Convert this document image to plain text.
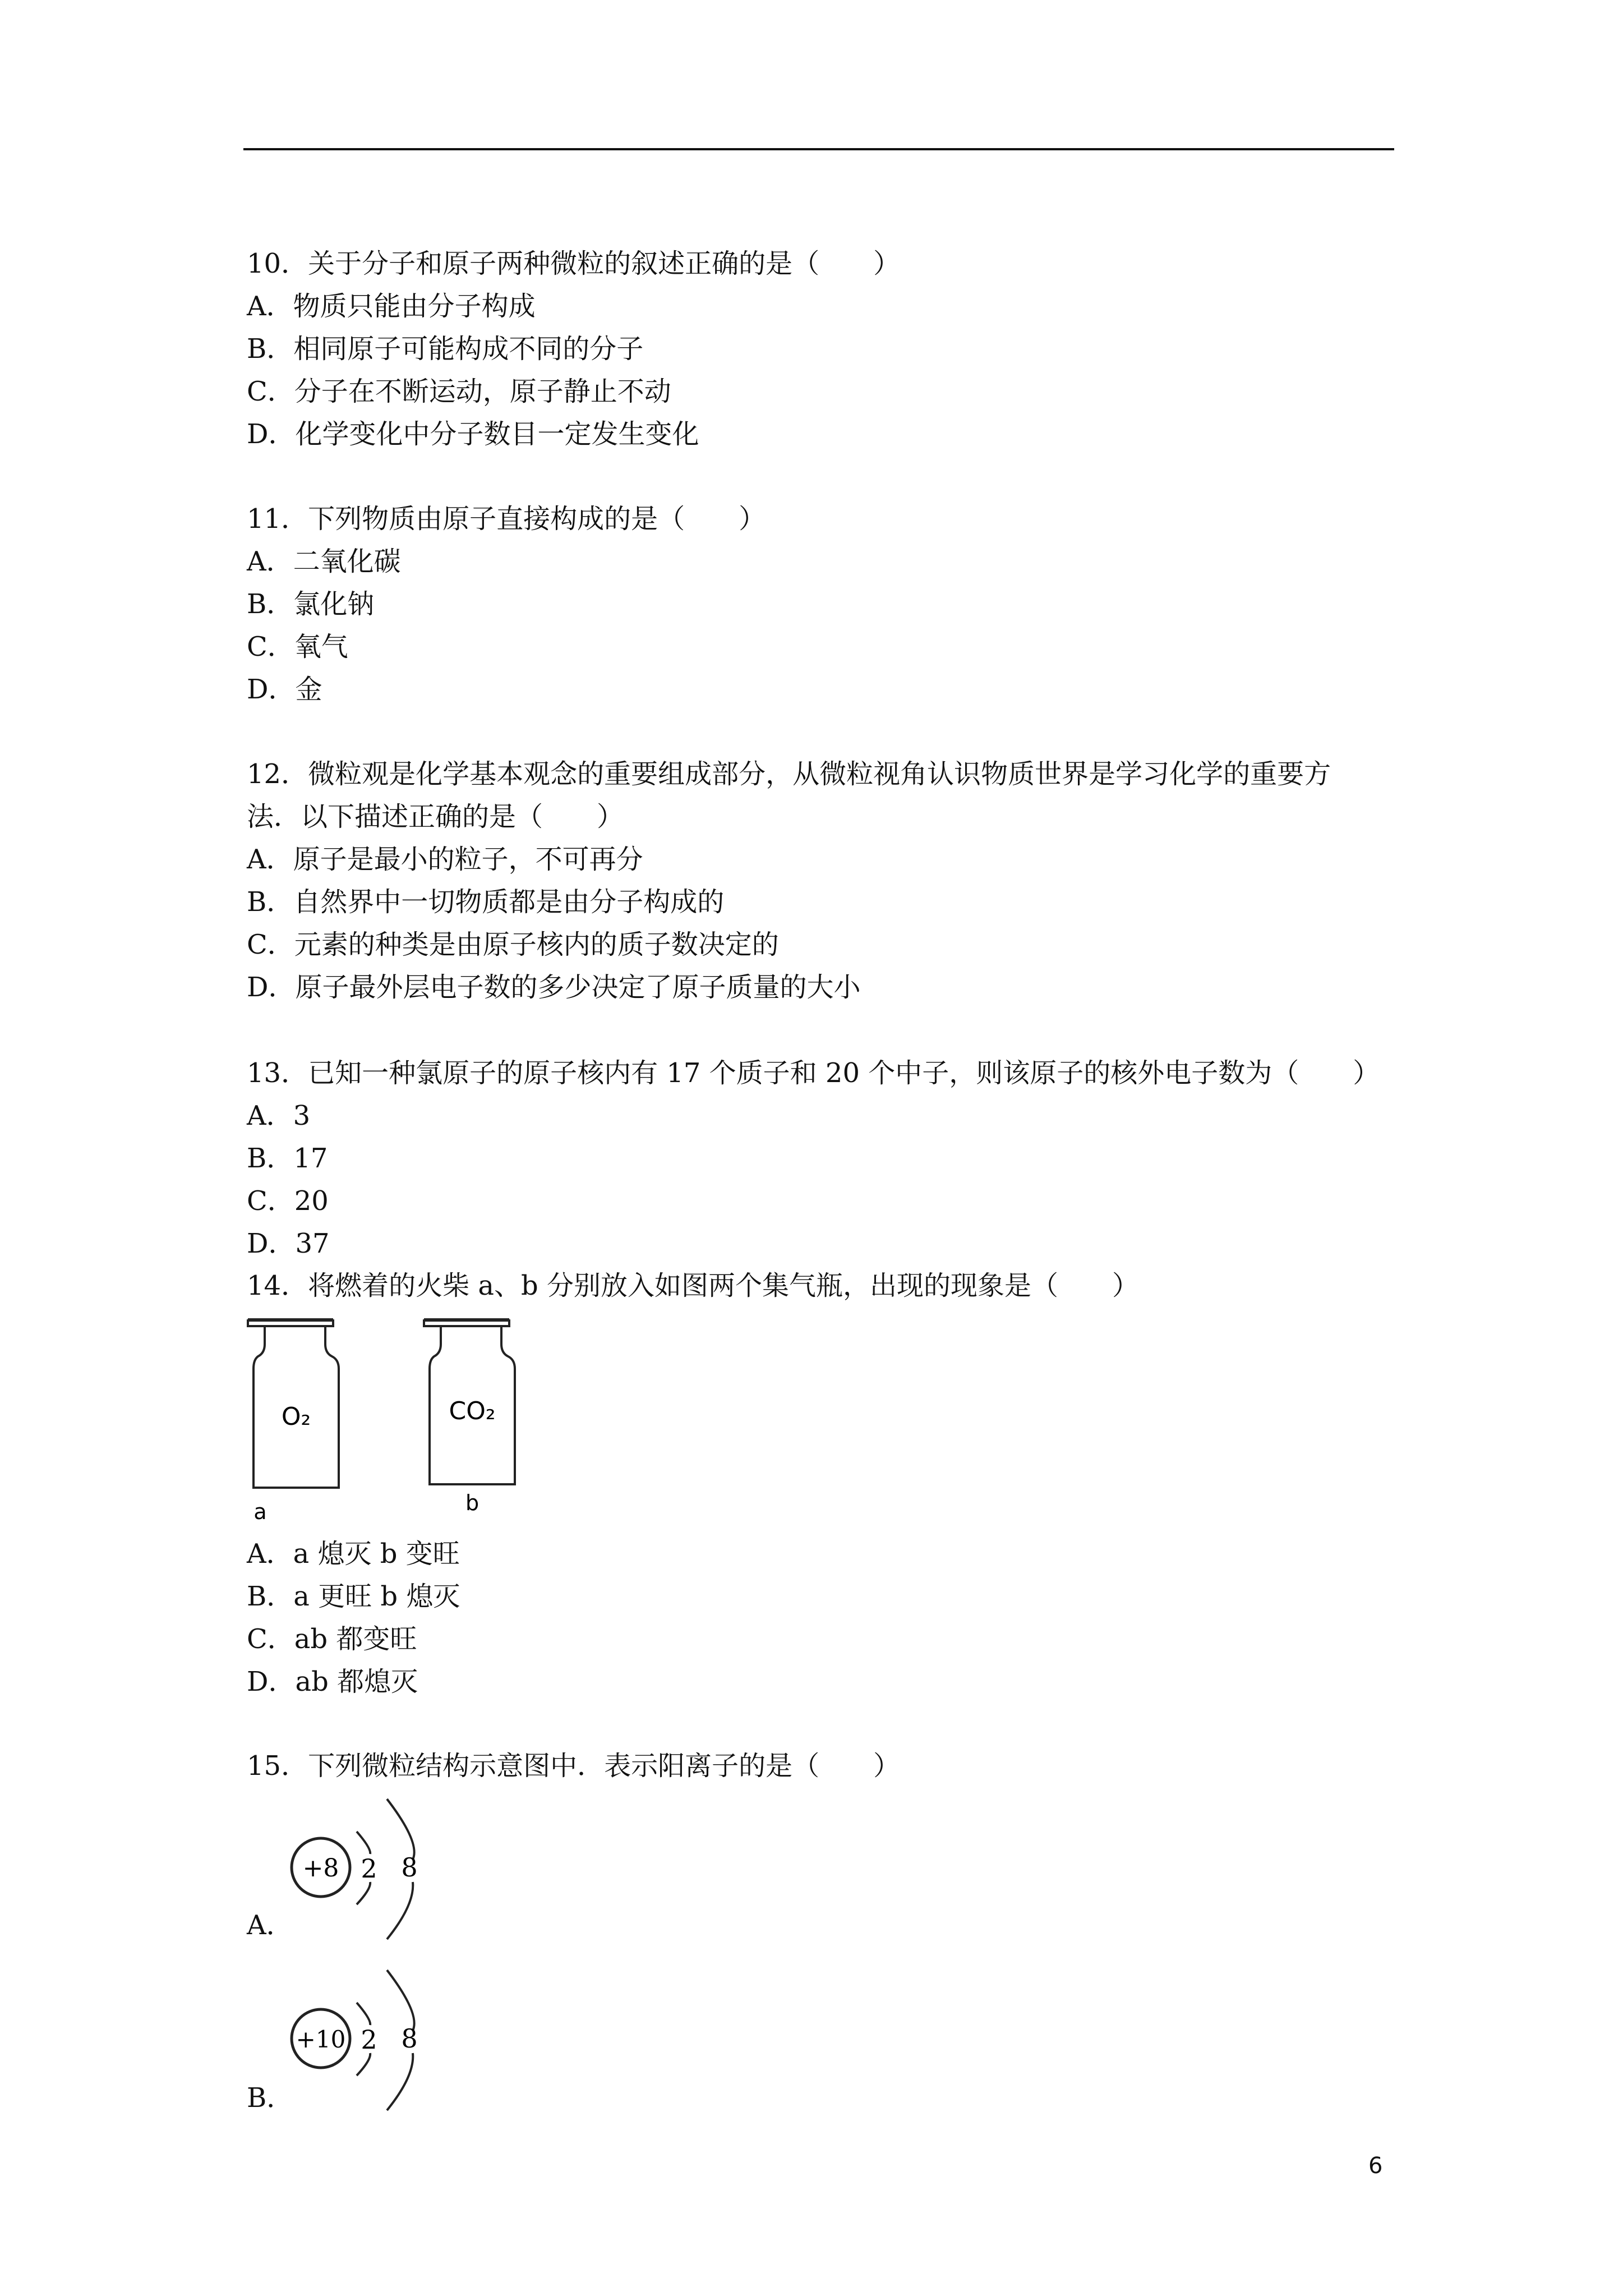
10．关于分子和原子两种微粒的叙述正确的是（　　）
A．物质只能由分子构成
B．相同原子可能构成不同的分子
C．分子在不断运动，原子静止不动
D．化学变化中分子数目一定发生变化
11．下列物质由原子直接构成的是（　　）
A．二氧化碳
B．氯化钠
C．氧气
D．金
12．微粒观是化学基本观念的重要组成部分，从微粒视角认识物质世界是学习化学的重要方
法．以下描述正确的是（　　）
A．原子是最小的粒子，不可再分
B．自然界中一切物质都是由分子构成的
C．元素的种类是由原子核内的质子数决定的
D．原子最外层电子数的多少决定了原子质量的大小
13．已知一种氯原子的原子核内有 17 个质子和 20 个中子，则该原子的核外电子数为（　　）
A．3
B．17
C．20
D．37
14．将燃着的火柴 a、b 分别放入如图两个集气瓶，出现的现象是（　　）
O₂
a
CO₂
b
A．a 熄灭 b 变旺
B．a 更旺 b 熄灭
C．ab 都变旺
D．ab 都熄灭
15．下列微粒结构示意图中．表示阳离子的是（　　）
+8 2 8
A．
+10 2 8
B．
6
